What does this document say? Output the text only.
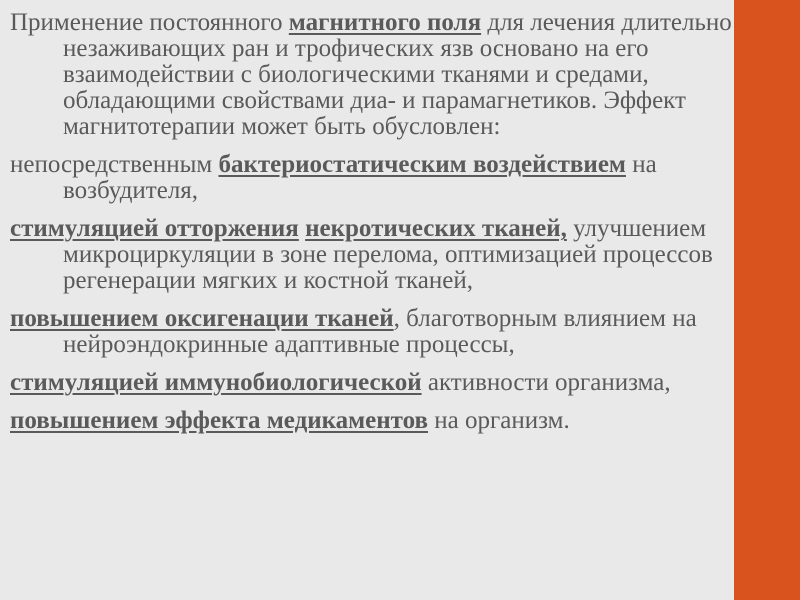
Применение постоянного магнитного поля для лечения длительно незаживающих ран и трофических язв основано на его взаимодействии с биологическими тканями и средами, обладающими свойствами диа- и парамагнетиков. Эффект магнитотерапии может быть обусловлен:

непосредственным бактериостатическим воздействием на возбудителя,

стимуляцией отторжения некротических тканей, улучшением микроциркуляции в зоне перелома, оптимизацией процессов регенерации мягких и костной тканей,

повышением оксигенации тканей, благотворным влиянием на нейроэндокринные адаптивные процессы,

стимуляцией иммунобиологической активности организма,

повышением эффекта медикаментов на организм.
